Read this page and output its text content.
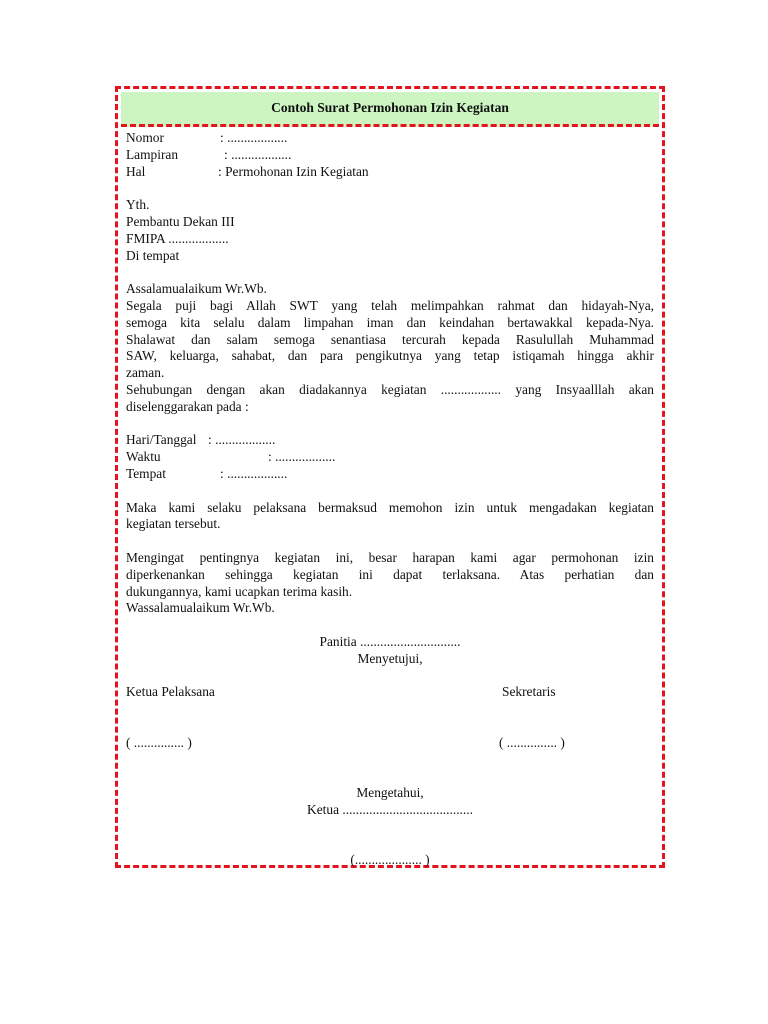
Contoh Surat Permohonan Izin Kegiatan
Nomor	: ..................
Lampiran	: ..................
Hal	: Permohonan Izin Kegiatan
Yth.
Pembantu Dekan III
FMIPA ..................
Di tempat
Assalamualaikum Wr.Wb.
Segala puji bagi Allah SWT yang telah melimpahkan rahmat dan hidayah-Nya,
semoga kita selalu dalam limpahan iman dan keindahan bertawakkal kepada-Nya.
Shalawat dan salam semoga senantiasa tercurah kepada Rasulullah Muhammad
SAW, keluarga, sahabat, dan para pengikutnya yang tetap istiqamah hingga akhir
zaman.
Sehubungan dengan akan diadakannya kegiatan .................. yang Insyaalllah akan
diselenggarakan pada :
Hari/Tanggal : ..................
Waktu	: ..................
Tempat	: ..................
Maka kami selaku pelaksana bermaksud memohon izin untuk mengadakan kegiatan
kegiatan tersebut.
Mengingat pentingnya kegiatan ini, besar harapan kami agar permohonan izin
diperkenankan sehingga kegiatan ini dapat terlaksana. Atas perhatian dan
dukungannya, kami ucapkan terima kasih.
Wassalamualaikum Wr.Wb.
Panitia ..............................
Menyetujui,
Ketua Pelaksana	Sekretaris
( ............... )	( ............... )
Mengetahui,
Ketua .......................................
(.................... )
